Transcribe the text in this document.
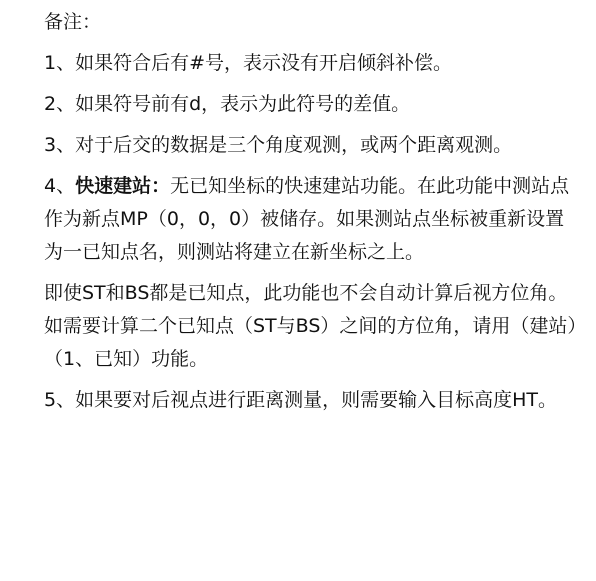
备注：
1、如果符合后有#号，表示没有开启倾斜补偿。
2、如果符号前有d，表示为此符号的差值。
3、对于后交的数据是三个角度观测，或两个距离观测。
4、快速建站：无已知坐标的快速建站功能。在此功能中测站点作为新点MP（0，0，0）被储存。如果测站点坐标被重新设置为一已知点名，则测站将建立在新坐标之上。
即使ST和BS都是已知点，此功能也不会自动计算后视方位角。如需要计算二个已知点（ST与BS）之间的方位角，请用（建站）（1、已知）功能。
5、如果要对后视点进行距离测量，则需要输入目标高度HT。
